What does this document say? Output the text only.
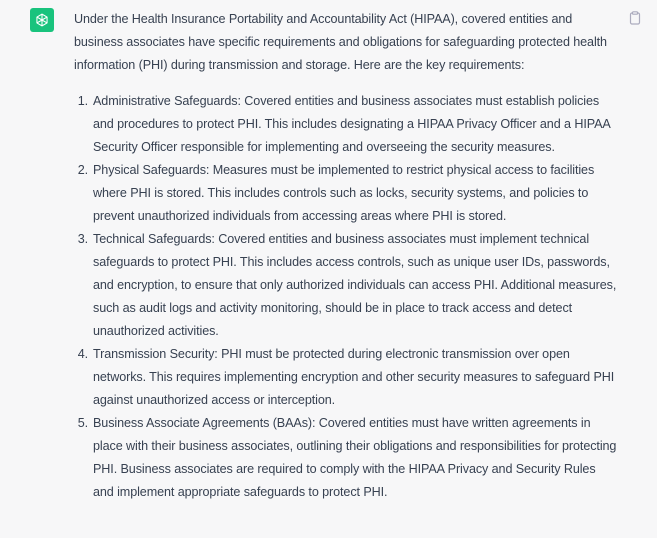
Under the Health Insurance Portability and Accountability Act (HIPAA), covered entities and business associates have specific requirements and obligations for safeguarding protected health information (PHI) during transmission and storage. Here are the key requirements:

1. Administrative Safeguards: Covered entities and business associates must establish policies and procedures to protect PHI. This includes designating a HIPAA Privacy Officer and a HIPAA Security Officer responsible for implementing and overseeing the security measures.
2. Physical Safeguards: Measures must be implemented to restrict physical access to facilities where PHI is stored. This includes controls such as locks, security systems, and policies to prevent unauthorized individuals from accessing areas where PHI is stored.
3. Technical Safeguards: Covered entities and business associates must implement technical safeguards to protect PHI. This includes access controls, such as unique user IDs, passwords, and encryption, to ensure that only authorized individuals can access PHI. Additional measures, such as audit logs and activity monitoring, should be in place to track access and detect unauthorized activities.
4. Transmission Security: PHI must be protected during electronic transmission over open networks. This requires implementing encryption and other security measures to safeguard PHI against unauthorized access or interception.
5. Business Associate Agreements (BAAs): Covered entities must have written agreements in place with their business associates, outlining their obligations and responsibilities for protecting PHI. Business associates are required to comply with the HIPAA Privacy and Security Rules and implement appropriate safeguards to protect PHI.
